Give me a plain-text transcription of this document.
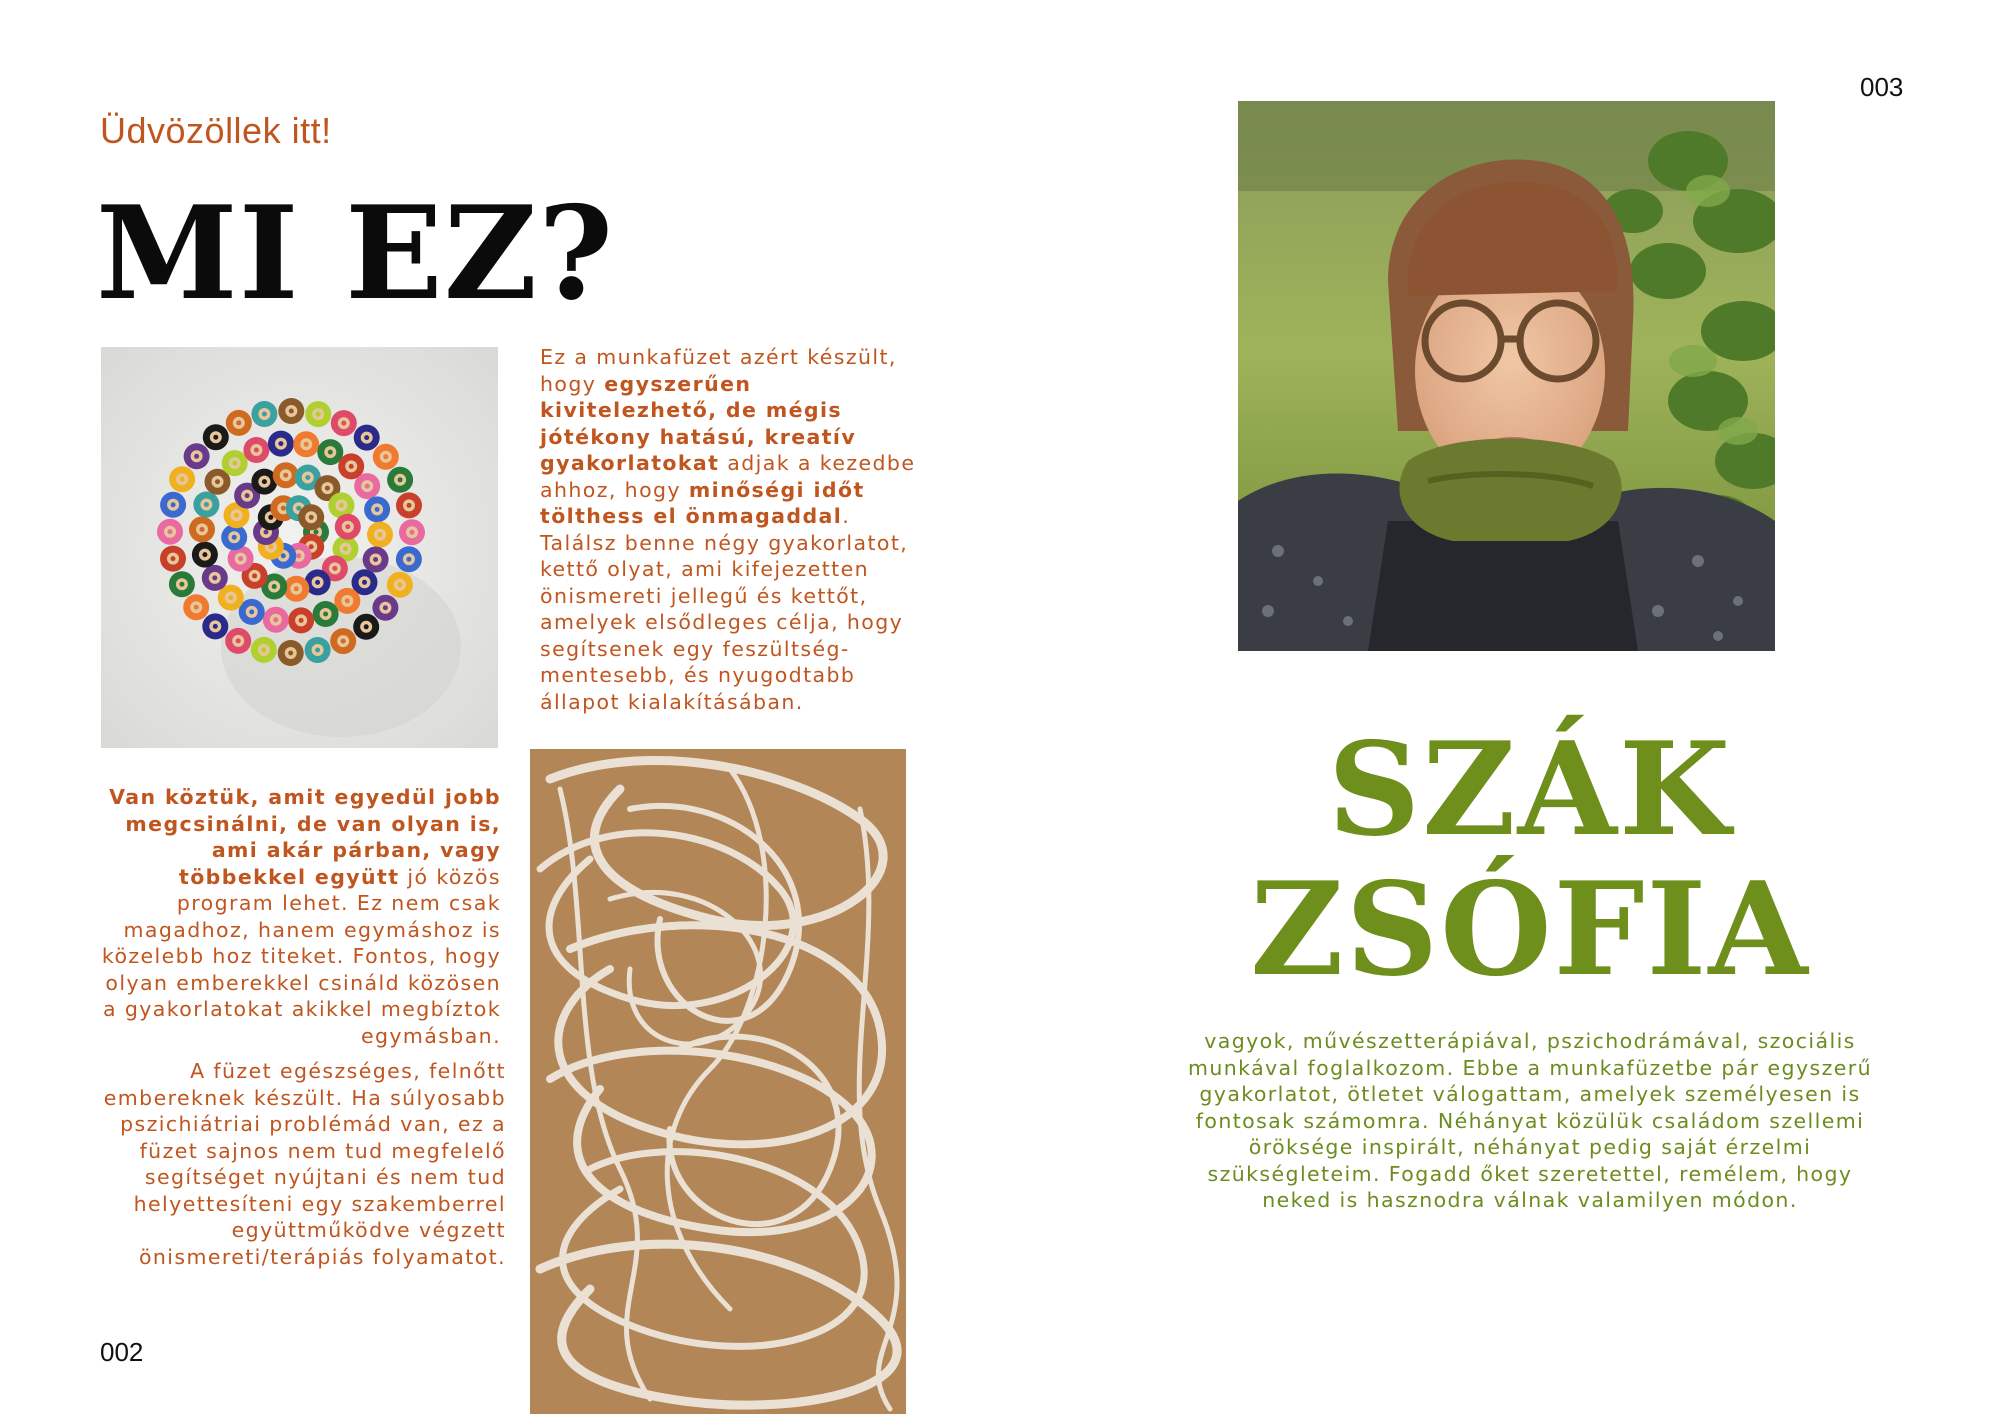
Üdvözöllek itt!
MI EZ?
Ez a munkafüzet azért készült, hogy egyszerűen kivitelezhető, de mégis jótékony hatású, kreatív gyakorlatokat adjak a kezedbe ahhoz, hogy minőségi időt tölthess el önmagaddal. Találsz benne négy gyakorlatot, kettő olyat, ami kifejezetten önismereti jellegű és kettőt, amelyek elsődleges célja, hogy segítsenek egy feszültség-mentesebb, és nyugodtabb állapot kialakításában.
Van köztük, amit egyedül jobb megcsinálni, de van olyan is, ami akár párban, vagy többekkel együtt jó közös program lehet. Ez nem csak magadhoz, hanem egymáshoz is közelebb hoz titeket. Fontos, hogy olyan emberekkel csináld közösen a gyakorlatokat akikkel megbíztok egymásban.
A füzet egészséges, felnőtt embereknek készült. Ha súlyosabb pszichiátriai problémád van, ez a füzet sajnos nem tud megfelelő segítséget nyújtani és nem tud helyettesíteni egy szakemberrel együttműködve végzett önismereti/terápiás folyamatot.
002
003
SZÁK
ZSÓFIA
vagyok, művészetterápiával, pszichodrámával, szociális munkával foglalkozom. Ebbe a munkafüzetbe pár egyszerű gyakorlatot, ötletet válogattam, amelyek személyesen is fontosak számomra. Néhányat közülük családom szellemi öröksége inspirált, néhányat pedig saját érzelmi szükségleteim. Fogadd őket szeretettel, remélem, hogy neked is hasznodra válnak valamilyen módon.
